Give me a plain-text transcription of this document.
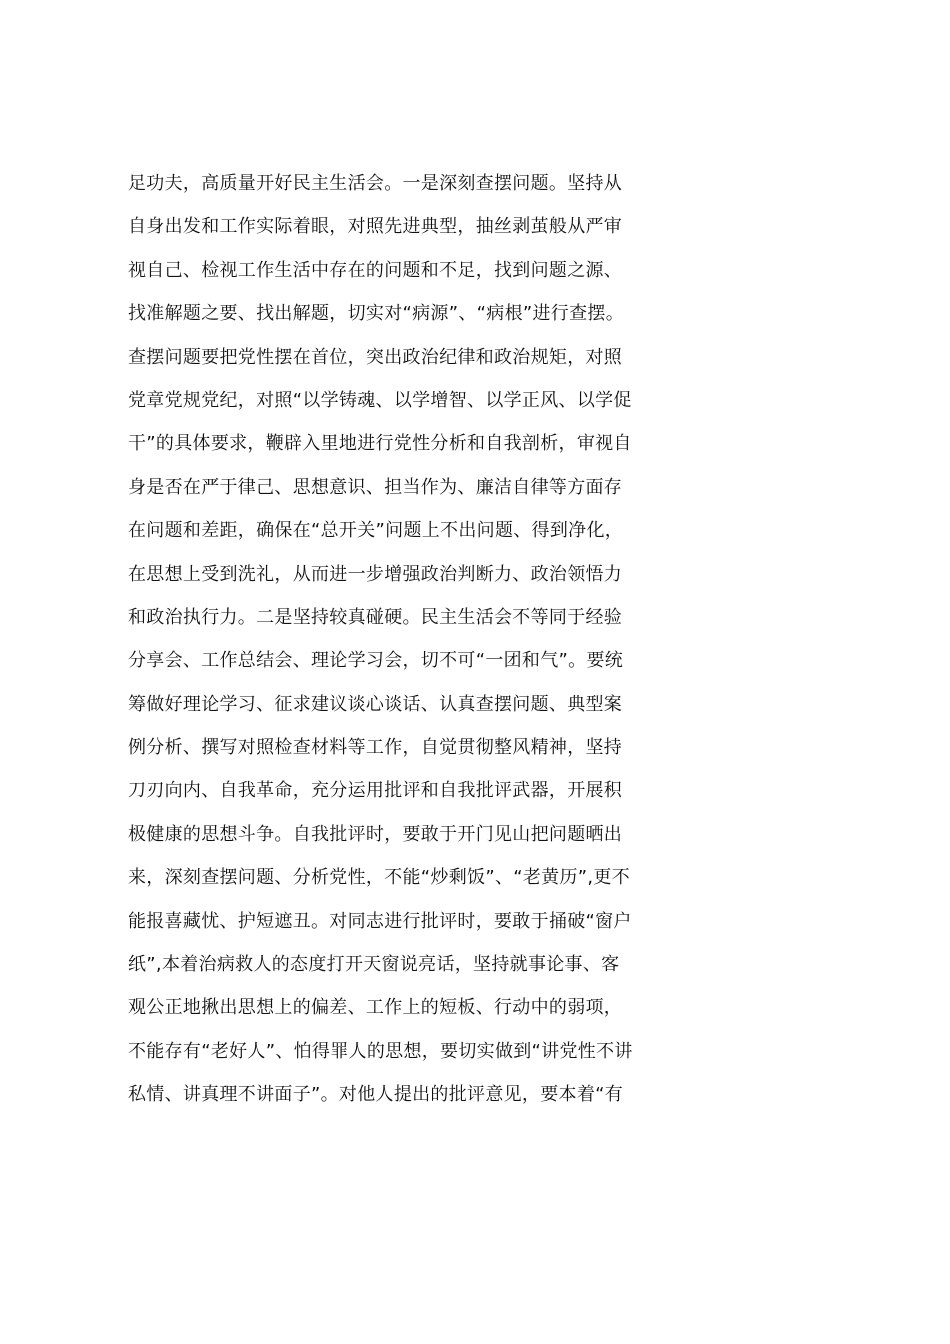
足功夫，高质量开好民主生活会。一是深刻查摆问题。坚持从
自身出发和工作实际着眼，对照先进典型，抽丝剥茧般从严审
视自己、检视工作生活中存在的问题和不足，找到问题之源、
找准解题之要、找出解题，切实对“病源”、“病根”进行查摆。
查摆问题要把党性摆在首位，突出政治纪律和政治规矩，对照
党章党规党纪，对照“以学铸魂、以学增智、以学正风、以学促
干”的具体要求，鞭辟入里地进行党性分析和自我剖析，审视自
身是否在严于律己、思想意识、担当作为、廉洁自律等方面存
在问题和差距，确保在“总开关”问题上不出问题、得到净化，
在思想上受到洗礼，从而进一步增强政治判断力、政治领悟力
和政治执行力。二是坚持较真碰硬。民主生活会不等同于经验
分享会、工作总结会、理论学习会，切不可“一团和气”。要统
筹做好理论学习、征求建议谈心谈话、认真查摆问题、典型案
例分析、撰写对照检查材料等工作，自觉贯彻整风精神，坚持
刀刃向内、自我革命，充分运用批评和自我批评武器，开展积
极健康的思想斗争。自我批评时，要敢于开门见山把问题晒出
来，深刻查摆问题、分析党性，不能“炒剩饭”、“老黄历”,更不
能报喜藏忧、护短遮丑。对同志进行批评时，要敢于捅破“窗户
纸”,本着治病救人的态度打开天窗说亮话，坚持就事论事、客
观公正地揪出思想上的偏差、工作上的短板、行动中的弱项，
不能存有“老好人”、怕得罪人的思想，要切实做到“讲党性不讲
私情、讲真理不讲面子”。对他人提出的批评意见，要本着“有
